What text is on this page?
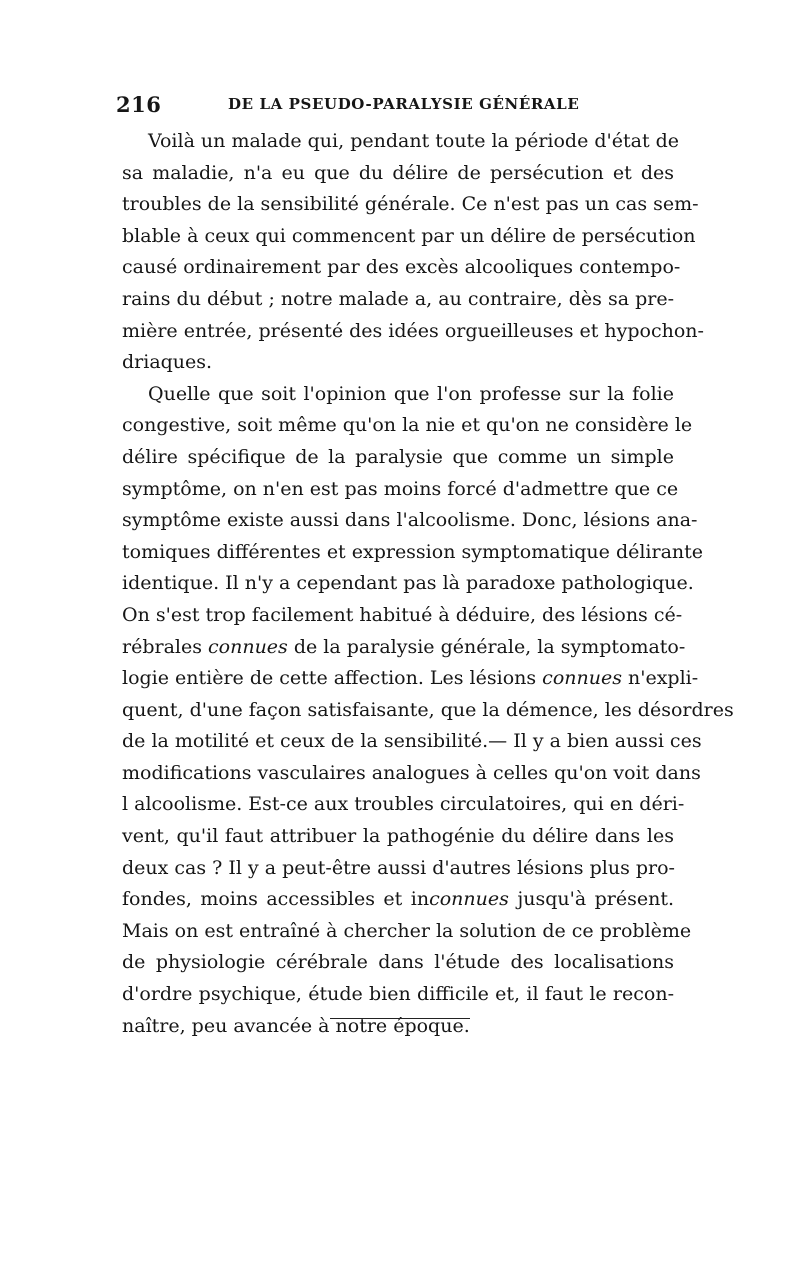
216	DE LA PSEUDO-PARALYSIE GÉNÉRALE
Voilà un malade qui, pendant toute la période d'état de
sa maladie, n'a eu que du délire de persécution et des
troubles de la sensibilité générale. Ce n'est pas un cas sem-
blable à ceux qui commencent par un délire de persécution
causé ordinairement par des excès alcooliques contempo-
rains du début ; notre malade a, au contraire, dès sa pre-
mière entrée, présenté des idées orgueilleuses et hypochon-
driaques.
Quelle que soit l'opinion que l'on professe sur la folie
congestive, soit même qu'on la nie et qu'on ne considère le
délire spécifique de la paralysie que comme un simple
symptôme, on n'en est pas moins forcé d'admettre que ce
symptôme existe aussi dans l'alcoolisme. Donc, lésions ana-
tomiques différentes et expression symptomatique délirante
identique. Il n'y a cependant pas là paradoxe pathologique.
On s'est trop facilement habitué à déduire, des lésions cé-
rébrales connues de la paralysie générale, la symptomato-
logie entière de cette affection. Les lésions connues n'expli-
quent, d'une façon satisfaisante, que la démence, les désordres
de la motilité et ceux de la sensibilité.— Il y a bien aussi ces
modifications vasculaires analogues à celles qu'on voit dans
l alcoolisme. Est-ce aux troubles circulatoires, qui en déri-
vent, qu'il faut attribuer la pathogénie du délire dans les
deux cas ? Il y a peut-être aussi d'autres lésions plus pro-
fondes, moins accessibles et inconnues jusqu'à présent.
Mais on est entraîné à chercher la solution de ce problème
de physiologie cérébrale dans l'étude des localisations
d'ordre psychique, étude bien difficile et, il faut le recon-
naître, peu avancée à notre époque.
